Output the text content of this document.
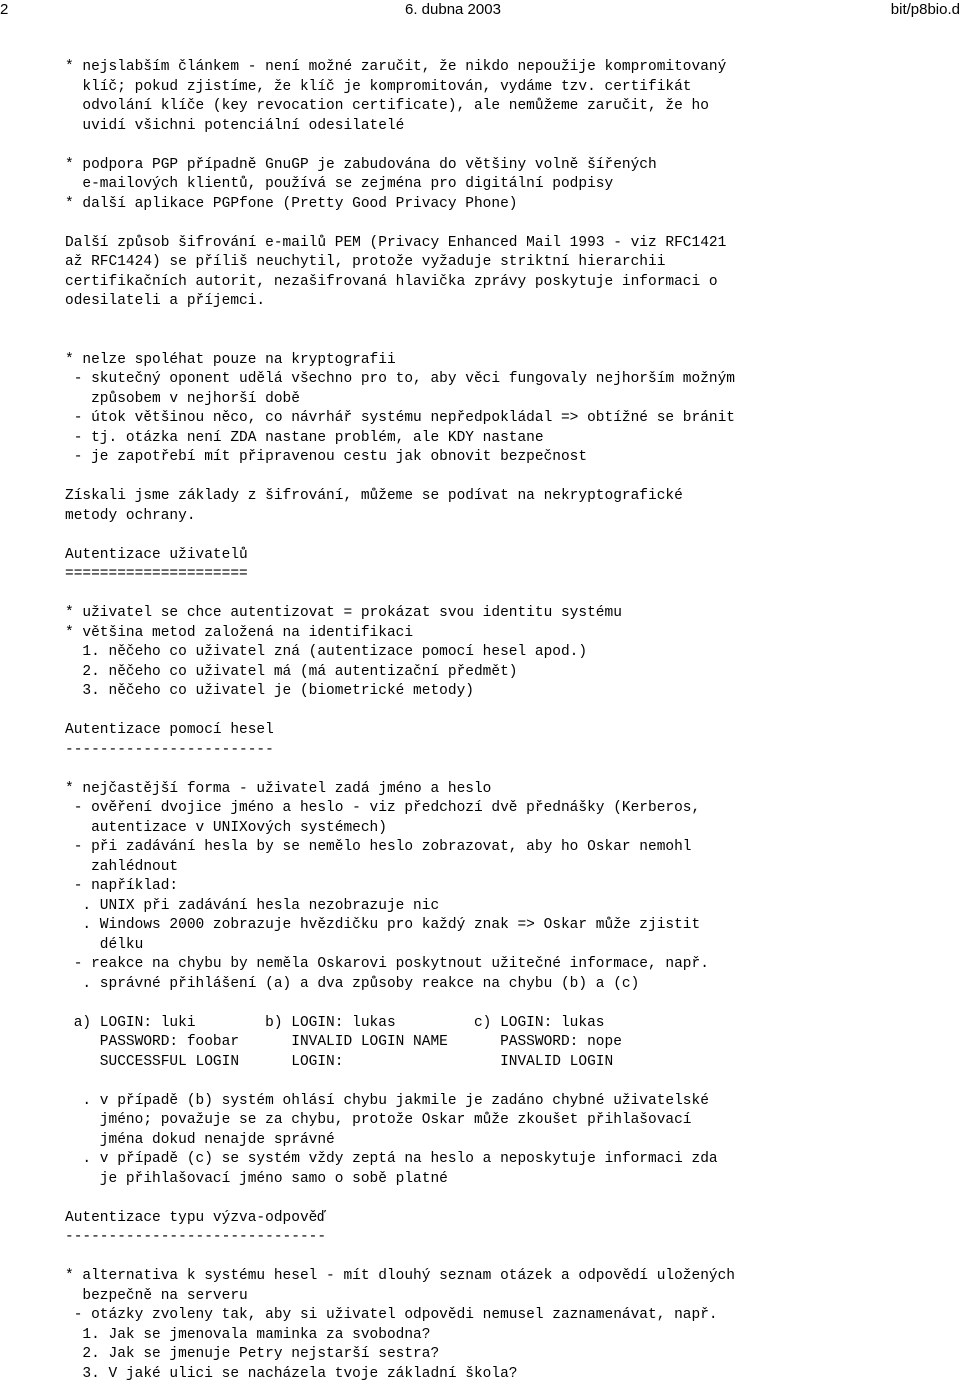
2	6. dubna 2003	bit/p8bio.d
* nejslabším článkem - není možné zaručit, že nikdo nepoužije kompromitovaný
klíč; pokud zjistíme, že klíč je kompromitován, vydáme tzv. certifikát
odvolání klíče (key revocation certificate), ale nemůžeme zaručit, že ho
uvidí všichni potenciální odesilatelé
* podpora PGP případně GnuGP je zabudována do většiny volně šířených
e-mailových klientů, používá se zejména pro digitální podpisy
* další aplikace PGPfone (Pretty Good Privacy Phone)
Další způsob šifrování e-mailů PEM (Privacy Enhanced Mail 1993 - viz RFC1421
až RFC1424) se příliš neuchytil, protože vyžaduje striktní hierarchii
certifikačních autorit, nezašifrovaná hlavička zprávy poskytuje informaci o
odesilateli a příjemci.
* nelze spoléhat pouze na kryptografii
- skutečný oponent udělá všechno pro to, aby věci fungovaly nejhorším možným
způsobem v nejhorší době
- útok většinou něco, co návrhář systému nepředpokládal => obtížné se bránit
- tj. otázka není ZDA nastane problém, ale KDY nastane
- je zapotřebí mít připravenou cestu jak obnovit bezpečnost
Získali jsme základy z šifrování, můžeme se podívat na nekryptografické
metody ochrany.
Autentizace uživatelů
=====================
* uživatel se chce autentizovat = prokázat svou identitu systému
* většina metod založená na identifikaci
1. něčeho co uživatel zná (autentizace pomocí hesel apod.)
2. něčeho co uživatel má (má autentizační předmět)
3. něčeho co uživatel je (biometrické metody)
Autentizace pomocí hesel
------------------------
* nejčastější forma - uživatel zadá jméno a heslo
- ověření dvojice jméno a heslo - viz předchozí dvě přednášky (Kerberos,
autentizace v UNIXových systémech)
- při zadávání hesla by se nemělo heslo zobrazovat, aby ho Oskar nemohl
zahlédnout
- například:
. UNIX při zadávání hesla nezobrazuje nic
. Windows 2000 zobrazuje hvězdičku pro každý znak => Oskar může zjistit
délku
- reakce na chybu by neměla Oskarovi poskytnout užitečné informace, např.
. správné přihlášení (a) a dva způsoby reakce na chybu (b) a (c)
a) LOGIN: luki        b) LOGIN: lukas         c) LOGIN: lukas
PASSWORD: foobar      INVALID LOGIN NAME      PASSWORD: nope
SUCCESSFUL LOGIN      LOGIN:                  INVALID LOGIN
. v případě (b) systém ohlásí chybu jakmile je zadáno chybné uživatelské
jméno; považuje se za chybu, protože Oskar může zkoušet přihlašovací
jména dokud nenajde správné
. v případě (c) se systém vždy zeptá na heslo a neposkytuje informaci zda
je přihlašovací jméno samo o sobě platné
Autentizace typu výzva-odpověď
------------------------------
* alternativa k systému hesel - mít dlouhý seznam otázek a odpovědí uložených
bezpečně na serveru
- otázky zvoleny tak, aby si uživatel odpovědi nemusel zaznamenávat, např.
1. Jak se jmenovala maminka za svobodna?
2. Jak se jmenuje Petry nejstarší sestra?
3. V jaké ulici se nacházela tvoje základní škola?
